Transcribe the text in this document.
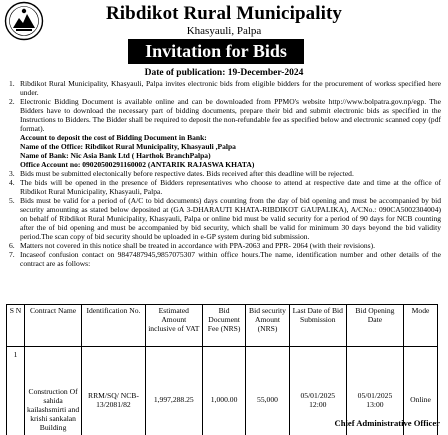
Ribdikot Rural Municipality
Khasyauli, Palpa
Invitation for Bids
Date of publication: 19-December-2024
1. Ribdikot Rural Municipality, Khasyauli, Palpa invites electronic bids from eligible bidders for the procurement of workss specified here under.
2. Electronic Bidding Document is available online and can be downloaded from PPMO's website http://www.bolpatra.gov.np/egp. The Bidders have to download the necessary part of bidding documents, prepare their bid and submit electronic bids as specified in the Instructions to Bidders. The Bidder shall be required to deposit the non-refundable fee as specified below and electronic scanned copy (pdf format).
Account to deposit the cost of Bidding Document in Bank:
Name of the Office: Ribdikot Rural Municipality, Khasyauli ,Palpa
Name of Bank: Nic Asia Bank Ltd ( Harthok BranchPalpa)
Office Account no: 09020500291160002 (ANTARIK RAJASWA KHATA)
3. Bids must be submitted electonically before respective dates. Bids received after this deadline will be rejected.
4. The bids will be opened in the presence of Bidders representatives who choose to attend at respective date and time at the office of Ribdikot Rural Municipality, Khasyauli, Palpa.
5. Bids must be valid for a period of (A/C to bid documents) days counting from the day of bid opening and must be accompanied by bid security amounting as stated below deposited at (GA 3-DHARAUTI KHATA-RIBDIKOT GAUPALIKA), A/CNo.: 090CA5002304004) on behalf of Ribdikot Rural Municipality, Khasyauli, Palpa or online bid must be valid security for a period of 90 days for NCB counting after the of bid opening and must be accompanied by bid security, which shall be valid for minimum 30 days beyond the bid validity period.The scan copy of bid security should be uploaded in e-GP system during bid submission.
6. Matters not covered in this notice shall be treated in accordance with PPA-2063 and PPR- 2064 (with their revisions).
7. Incaseof confusion contact on 9847487945,9857075307 within office hours.The name, identification number and other details of the contract are as follows:
S N	Contract Name	Identification No.	Estimated Amount inclusive of VAT	Bid Document Fee (NRS)	Bid security Amount (NRS)	Last Date of Bid Submission	Bid Opening Date	Mode
1	Construction Of sahida kailashsmirti and krishi sankalan Building	RRM/SQ/ NCB-13/2081/82	1,997,288.25	1,000.00	55,000	05/01/2025 12:00	05/01/2025 13:00	Online
Chief Administrative Officer
